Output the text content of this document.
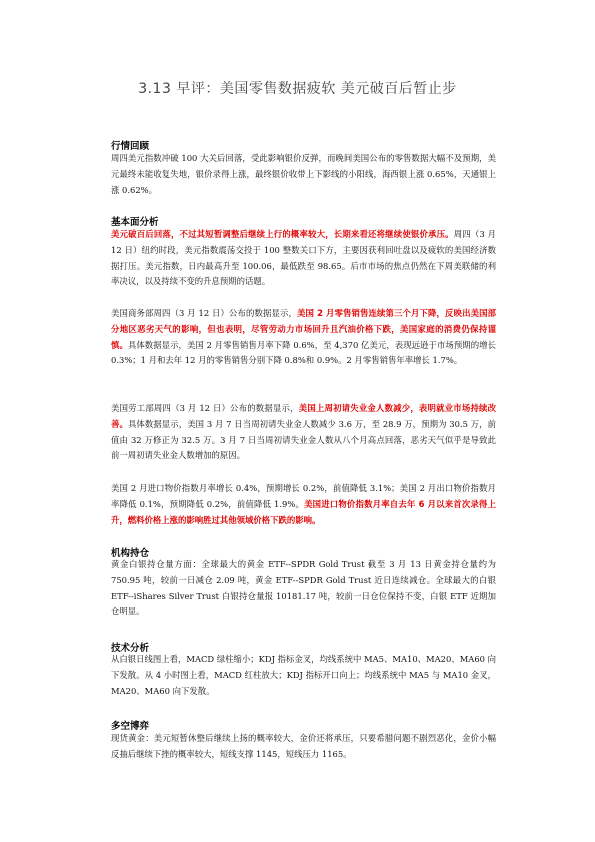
3.13 早评：美国零售数据疲软 美元破百后暂止步
行情回顾
周四美元指数冲破 100 大关后回落，受此影响银价反弹，而晚间美国公布的零售数据大幅不及预期，美元最终未能收复失地，银价录得上涨，最终银价收带上下影线的小阳线，海西银上涨 0.65%，天通银上涨 0.62%。
基本面分析
美元破百后回落，不过其短暂调整后继续上行的概率较大，长期来看还将继续使银价承压。周四（3 月 12 日）纽约时段，美元指数震荡交投于 100 整数关口下方，主要因获利回吐盘以及疲软的美国经济数据打压。美元指数，日内最高升至 100.06，最低跌至 98.65。后市市场的焦点仍然在下周美联储的利率决议，以及持续不变的升息预期的话题。
美国商务部周四（3 月 12 日）公布的数据显示，美国 2 月零售销售连续第三个月下降，反映出美国部分地区恶劣天气的影响，但也表明，尽管劳动力市场回升且汽油价格下跌，美国家庭的消费仍保持谨慎。具体数据显示，美国 2 月零售销售月率下降 0.6%，至 4,370 亿美元，表现远逊于市场预期的增长 0.3%；1 月和去年 12 月的零售销售分别下降 0.8%和 0.9%。2 月零售销售年率增长 1.7%。
美国劳工部周四（3 月 12 日）公布的数据显示，美国上周初请失业金人数减少，表明就业市场持续改善。具体数据显示，美国 3 月 7 日当周初请失业金人数减少 3.6 万，至 28.9 万，预期为 30.5 万，前值由 32 万修正为 32.5 万。3 月 7 日当周初请失业金人数从八个月高点回落，恶劣天气似乎是导致此前一周初请失业金人数增加的原因。
美国 2 月进口物价指数月率增长 0.4%，预期增长 0.2%，前值降低 3.1%；美国 2 月出口物价指数月率降低 0.1%，预期降低 0.2%，前值降低 1.9%。美国进口物价指数月率自去年 6 月以来首次录得上升，燃料价格上涨的影响胜过其他领域价格下跌的影响。
机构持仓
黄金白银持仓量方面：全球最大的黄金 ETF--SPDR Gold Trust 截至 3 月 13 日黄金持仓量约为 750.95 吨，较前一日减仓 2.09 吨，黄金 ETF--SPDR Gold Trust 近日连续减仓。全球最大的白银 ETF--iShares Silver Trust 白银持仓量报 10181.17 吨，较前一日仓位保持不变，白银 ETF 近期加仓明显。
技术分析
从白银日线图上看，MACD 绿柱缩小；KDJ 指标金叉，均线系统中 MA5、MA10、MA20、MA60 向下发散。从 4 小时图上看，MACD 红柱放大；KDJ 指标开口向上；均线系统中 MA5 与 MA10 金叉，MA20、MA60 向下发散。
多空博弈
现货黄金：美元短暂休整后继续上扬的概率较大，金价还将承压，只要希腊问题不剧烈恶化，金价小幅反抽后继续下挫的概率较大，短线支撑 1145，短线压力 1165。
